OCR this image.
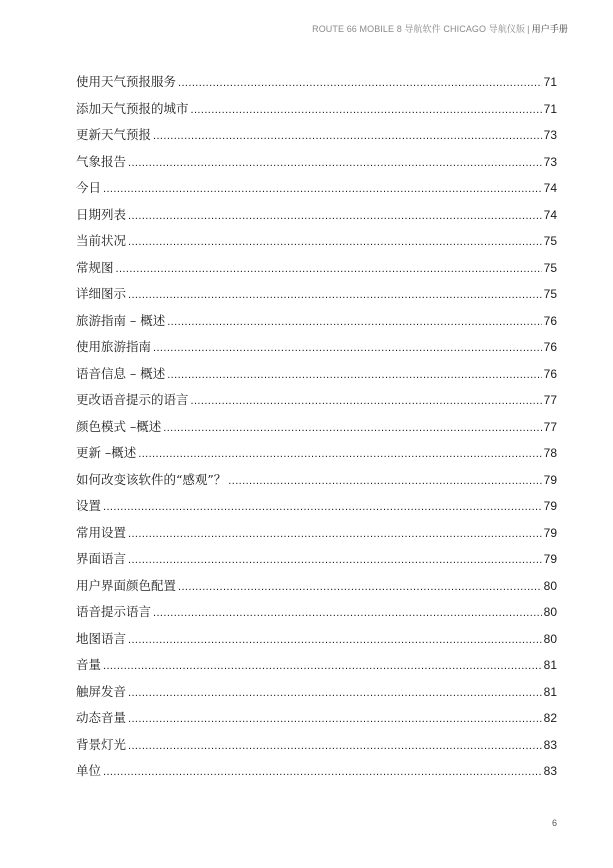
ROUTE 66 MOBILE 8 导航软件 CHICAGO 导航仪版 | 用户手册
使用天气预报服务 .....	71
添加天气预报的城市 .....	71
更新天气预报 .....	73
气象报告 .....	73
今日 .....	74
日期列表 .....	74
当前状况 .....	75
常规图 .....	75
详细图示 .....	75
旅游指南 – 概述 .....	76
使用旅游指南 .....	76
语音信息 – 概述 .....	76
更改语音提示的语言 .....	77
颜色模式 –概述 .....	77
更新 –概述 .....	78
如何改变该软件的“感观”？ .....	79
设置 .....	79
常用设置 .....	79
界面语言 .....	79
用户界面颜色配置 .....	80
语音提示语言 .....	80
地图语言 .....	80
音量 .....	81
触屏发音 .....	81
动态音量 .....	82
背景灯光 .....	83
单位 .....	83
6
